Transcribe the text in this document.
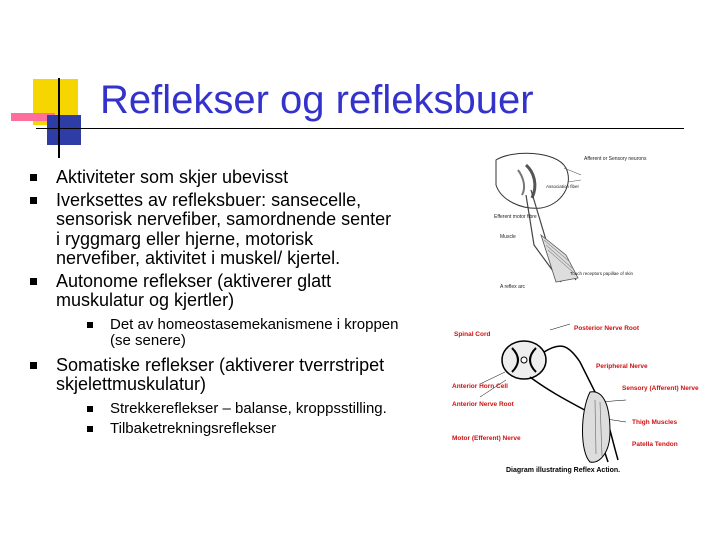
Reflekser og refleksbuer
Aktiviteter som skjer ubevisst
Iverksettes av refleksbuer: sansecelle, sensorisk nervefiber, samordnende senter i ryggmarg eller hjerne, motorisk nervefiber, aktivitet i muskel/ kjertel.
Autonome reflekser (aktiverer glatt muskulatur og kjertler)
Det av homeostasemekanismene i kroppen (se senere)
Somatiske reflekser (aktiverer tverrstripet skjelettmuskulatur)
Strekkereflekser – balanse, kroppsstilling.
Tilbaketrekningsreflekser
Afferent or Sensory neurons
Association fiber
Efferent motor fibre
Muscle
Touch receptors papillae of skin
A reflex arc
Spinal Cord
Posterior Nerve Root
Peripheral Nerve
Anterior Horn Cell
Anterior Nerve Root
Sensory (Afferent) Nerve
Motor (Efferent) Nerve
Thigh Muscles
Patella Tendon
Diagram illustrating Reflex Action.
